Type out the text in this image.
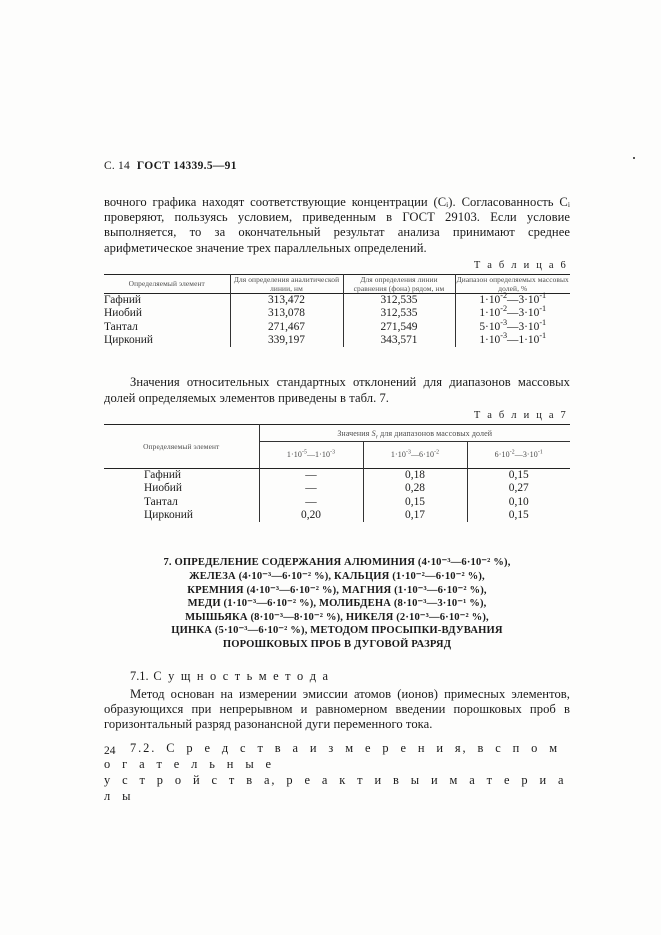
С. 14 ГОСТ 14339.5—91

вочного графика находят соответствующие концентрации (Cᵢ). Согласованность Cᵢ проверяют, пользуясь условием, приведенным в ГОСТ 29103. Если условие выполняется, то за окончательный результат анализа принимают среднее арифметическое значение трех параллельных определений.

Т а б л и ц а 6
Определяемый элемент	Для определения аналитической линии, нм	Для определения линии сравнения (фона) рядом, нм	Диапазон определяемых массовых долей, %
Гафний	313,472	312,535	$1\cdot 10^{-2}—3\cdot 10^{-1}$
Ниобий	313,078	312,535	$1\cdot 10^{-2}—3\cdot 10^{-1}$
Тантал	271,467	271,549	$5\cdot 10^{-3}—3\cdot 10^{-1}$
Цирконий	339,197	343,571	$1\cdot 10^{-3}—1\cdot 10^{-1}$

Значения относительных стандартных отклонений для диапазонов массовых долей определяемых элементов приведены в табл. 7.

Т а б л и ц а 7
Определяемый элемент	Значения $S_r$ для диапазонов массовых долей		
	$1\cdot 10^{-5}—1\cdot 10^{-3}$	$1\cdot 10^{-3}—6\cdot 10^{-2}$	$6\cdot 10^{-2}—3\cdot 10^{-1}$
Гафний	—	0,18	0,15
Ниобий	—	0,28	0,27
Тантал	—	0,15	0,10
Цирконий	0,20	0,17	0,15
7. ОПРЕДЕЛЕНИЕ СОДЕРЖАНИЯ АЛЮМИНИЯ (4·10⁻³—6·10⁻² %),
ЖЕЛЕЗА (4·10⁻³—6·10⁻² %), КАЛЬЦИЯ (1·10⁻²—6·10⁻² %),
КРЕМНИЯ (4·10⁻³—6·10⁻² %), МАГНИЯ (1·10⁻³—6·10⁻² %),
МЕДИ (1·10⁻³—6·10⁻² %), МОЛИБДЕНА (8·10⁻³—3·10⁻¹ %),
МЫШЬЯКА (8·10⁻³—8·10⁻² %), НИКЕЛЯ (2·10⁻³—6·10⁻² %),
ЦИНКА (5·10⁻³—6·10⁻² %), МЕТОДОМ ПРОСЫПКИ-ВДУВАНИЯ
ПОРОШКОВЫХ ПРОБ В ДУГОВОЙ РАЗРЯД
7.1. С у щ н о с т ь м е т о д а

Метод основан на измерении эмиссии атомов (ионов) примесных элементов, образующихся при непрерывном и равномерном введении порошковых проб в горизонтальный разряд разонансной дуги переменного тока.

7.2. С р е д с т в а и з м е р е н и я, в с п о м о г а т е л ь н ы е
у с т р о й с т в а, р е а к т и в ы и м а т е р и а л ы
24
